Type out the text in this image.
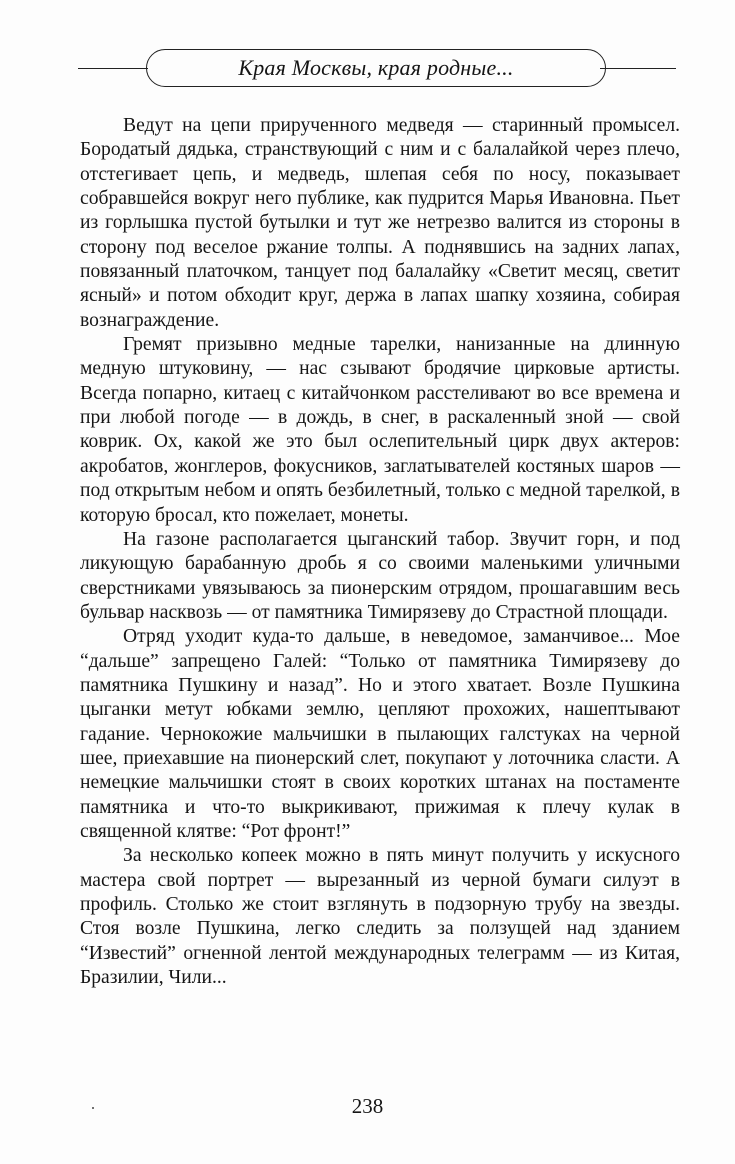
Края Москвы, края родные...

Ведут на цепи прирученного медведя — старинный промысел. Бородатый дядька, странствующий с ним и с балалайкой через плечо, отстегивает цепь, и медведь, шлепая себя по носу, показывает собравшейся вокруг него публике, как пудрится Марья Ивановна. Пьет из горлышка пустой бутылки и тут же нетрезво валится из стороны в сторону под веселое ржание толпы. А поднявшись на задних лапах, повязанный платочком, танцует под балалайку «Светит месяц, светит ясный» и потом обходит круг, держа в лапах шапку хозяина, собирая вознаграждение.

Гремят призывно медные тарелки, нанизанные на длинную медную штуковину, — нас сзывают бродячие цирковые артисты. Всегда попарно, китаец с китайчонком расстеливают во все времена и при любой погоде — в дождь, в снег, в раскаленный зной — свой коврик. Ох, какой же это был ослепительный цирк двух актеров: акробатов, жонглеров, фокусников, заглатывателей костяных шаров — под открытым небом и опять безбилетный, только с медной тарелкой, в которую бросал, кто пожелает, монеты.

На газоне располагается цыганский табор. Звучит горн, и под ликующую барабанную дробь я со своими маленькими уличными сверстниками увязываюсь за пионерским отрядом, прошагавшим весь бульвар насквозь — от памятника Тимирязеву до Страстной площади.

Отряд уходит куда-то дальше, в неведомое, заманчивое... Мое “дальше” запрещено Галей: “Только от памятника Тимирязеву до памятника Пушкину и назад”. Но и этого хватает. Возле Пушкина цыганки метут юбками землю, цепляют прохожих, нашептывают гадание. Чернокожие мальчишки в пылающих галстуках на черной шее, приехавшие на пионерский слет, покупают у лоточника сласти. А немецкие мальчишки стоят в своих коротких штанах на постаменте памятника и что-то выкрикивают, прижимая к плечу кулак в священной клятве: “Рот фронт!”

За несколько копеек можно в пять минут получить у искусного мастера свой портрет — вырезанный из черной бумаги силуэт в профиль. Столько же стоит взглянуть в подзорную трубу на звезды. Стоя возле Пушкина, легко следить за ползущей над зданием “Известий” огненной лентой международных телеграмм — из Китая, Бразилии, Чили...

238
